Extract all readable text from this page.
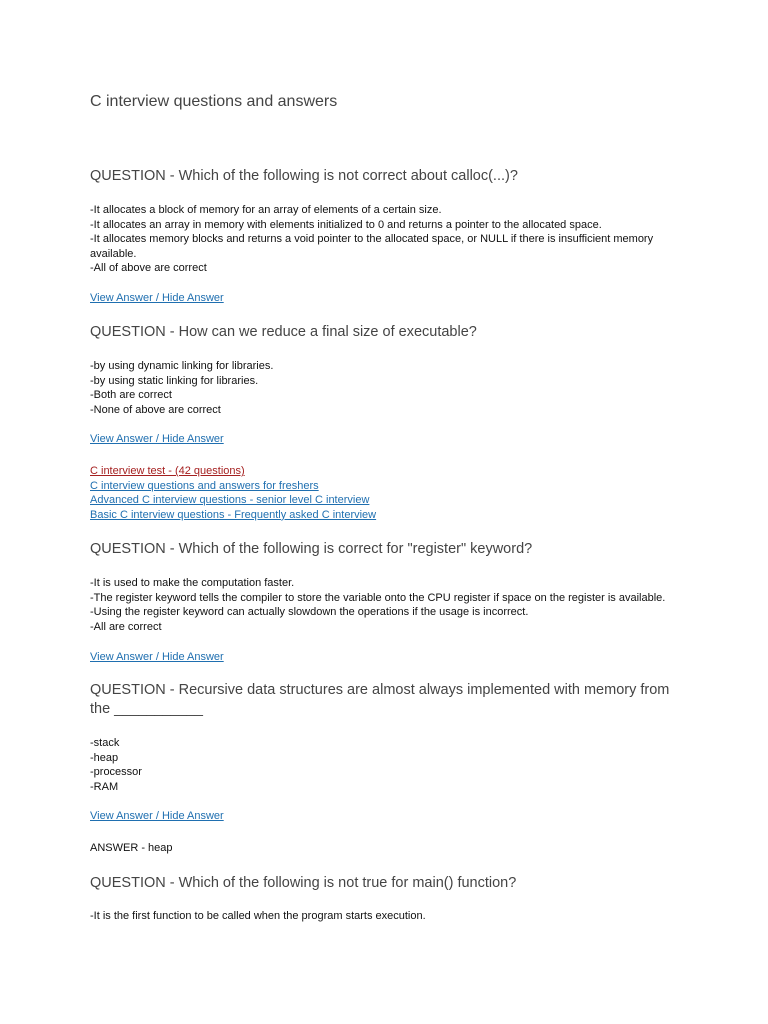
C interview questions and answers
QUESTION - Which of the following is not correct about calloc(...)?
-It allocates a block of memory for an array of elements of a certain size.
-It allocates an array in memory with elements initialized to 0 and returns a pointer to the allocated space.
-It allocates memory blocks and returns a void pointer to the allocated space, or NULL if there is insufficient memory available.
-All of above are correct
View Answer / Hide Answer
QUESTION - How can we reduce a final size of executable?
-by using dynamic linking for libraries.
-by using static linking for libraries.
-Both are correct
-None of above are correct
View Answer / Hide Answer
C interview test - (42 questions)
C interview questions and answers for freshers
Advanced C interview questions - senior level C interview
Basic C interview questions - Frequently asked C interview
QUESTION - Which of the following is correct for "register" keyword?
-It is used to make the computation faster.
-The register keyword tells the compiler to store the variable onto the CPU register if space on the register is available.
-Using the register keyword can actually slowdown the operations if the usage is incorrect.
-All are correct
View Answer / Hide Answer
QUESTION - Recursive data structures are almost always implemented with memory from the ___________
-stack
-heap
-processor
-RAM
View Answer / Hide Answer
ANSWER - heap
QUESTION - Which of the following is not true for main() function?
-It is the first function to be called when the program starts execution.
